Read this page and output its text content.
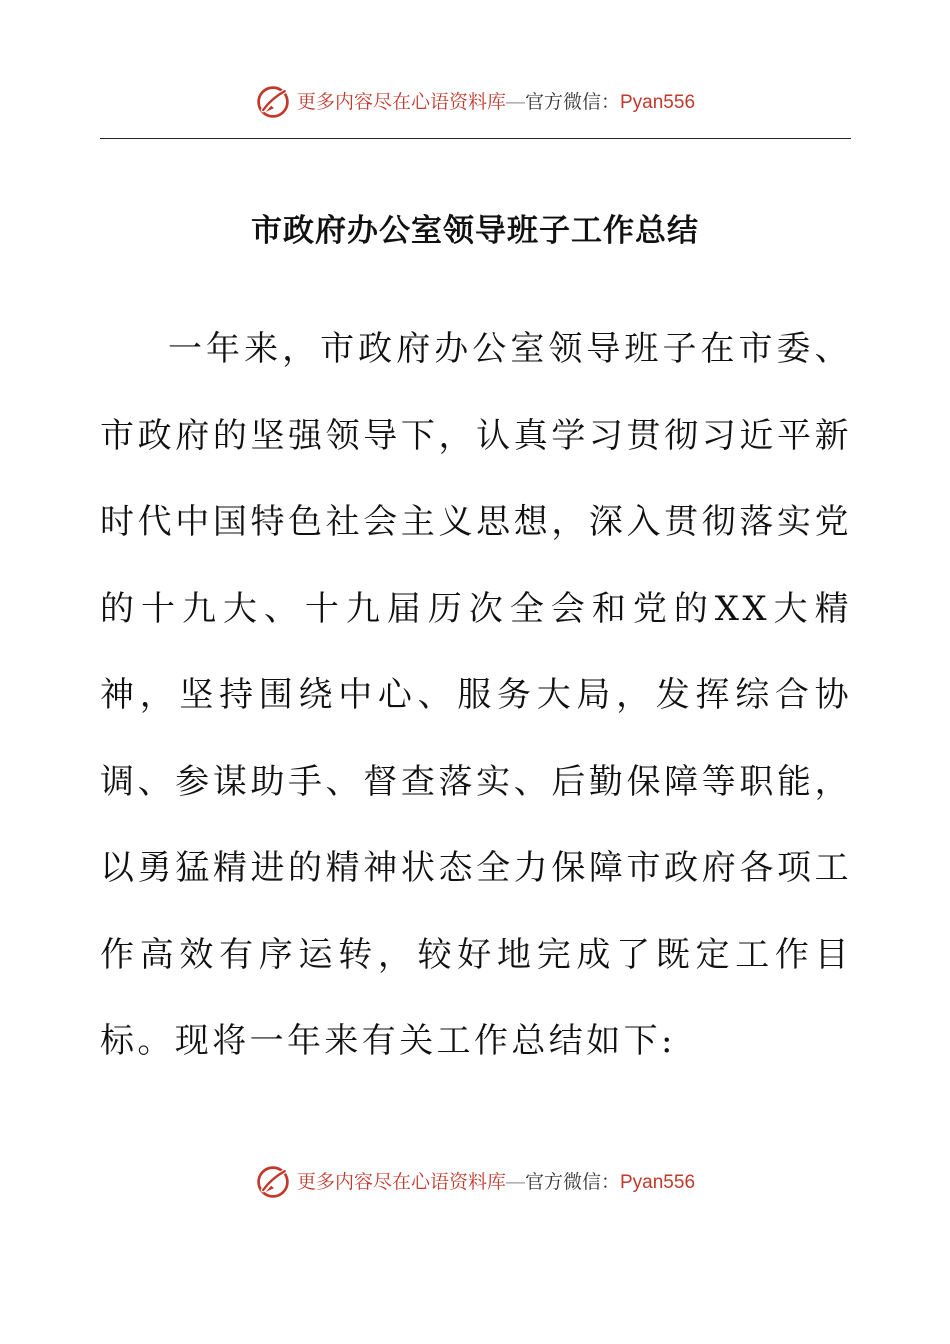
更多内容尽在心语资料库—官方微信：Pyan556
市政府办公室领导班子工作总结

一年来，市政府办公室领导班子在市委、市政府的坚强领导下，认真学习贯彻习近平新时代中国特色社会主义思想，深入贯彻落实党的十九大、十九届历次全会和党的XX大精神，坚持围绕中心、服务大局，发挥综合协调、参谋助手、督查落实、后勤保障等职能，以勇猛精进的精神状态全力保障市政府各项工作高效有序运转，较好地完成了既定工作目标。现将一年来有关工作总结如下:

更多内容尽在心语资料库—官方微信：Pyan556
